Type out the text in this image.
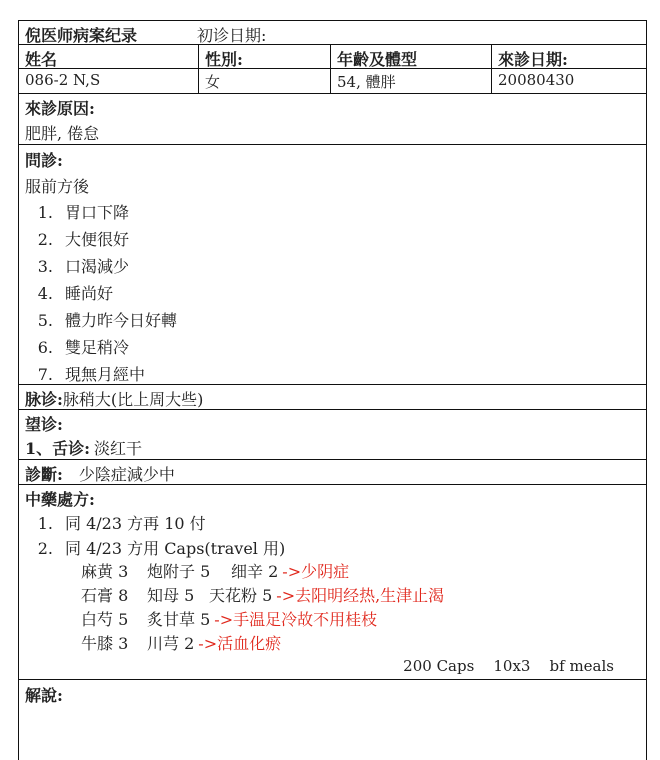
倪医师病案纪录	初诊日期:
姓名	性別:	年齡及體型	來診日期:
086-2 N,S	女	54, 體胖	20080430
來診原因:
肥胖, 倦怠
問診:
服前方後
1. 胃口下降
2. 大便很好
3. 口渴減少
4. 睡尚好
5. 體力昨今日好轉
6. 雙足稍冷
7. 現無月經中
脉诊:脉稍大(比上周大些)
望诊:
1、舌诊: 淡红干
診斷: 少陰症減少中
中藥處方:
1. 同 4/23 方再 10 付
2. 同 4/23 方用 Caps(travel 用)
麻黄 3 炮附子 5 细辛 2 ->少阴症
石膏 8 知母 5 天花粉 5 ->去阳明经热,生津止渴
白芍 5 炙甘草 5 ->手温足冷故不用桂枝
牛膝 3 川芎 2 ->活血化瘀
200 Caps    10x3    bf meals
解說:
